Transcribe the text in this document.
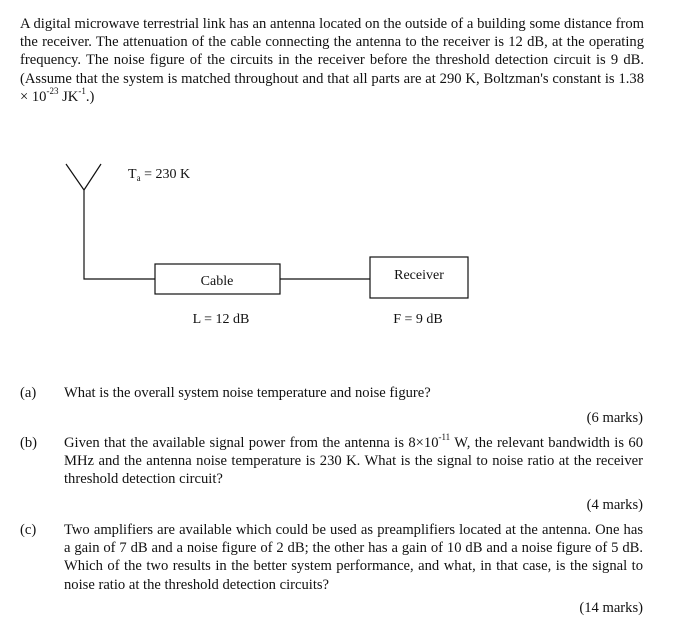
A digital microwave terrestrial link has an antenna located on the outside of a building some distance from the receiver. The attenuation of the cable connecting the antenna to the receiver is 12 dB, at the operating frequency. The noise figure of the circuits in the receiver before the threshold detection circuit is 9 dB. (Assume that the system is matched throughout and that all parts are at 290 K, Boltzman's constant is $1.38 \times 10^{-23}$ $JK^{-1}$.)

$T_a = 230$ K
Cable	Receiver
L = 12 dB	F = 9 dB
(a) What is the overall system noise temperature and noise figure?

(6 marks)
(b) Given that the available signal power from the antenna is $8\times 10^{-11}$ W, the relevant bandwidth is 60 MHz and the antenna noise temperature is 230 K. What is the signal to noise ratio at the receiver threshold detection circuit?

(4 marks)
(c) Two amplifiers are available which could be used as preamplifiers located at the antenna. One has a gain of 7 dB and a noise figure of 2 dB; the other has a gain of 10 dB and a noise figure of 5 dB. Which of the two results in the better system performance, and what, in that case, is the signal to noise ratio at the threshold detection circuits?

(14 marks)
